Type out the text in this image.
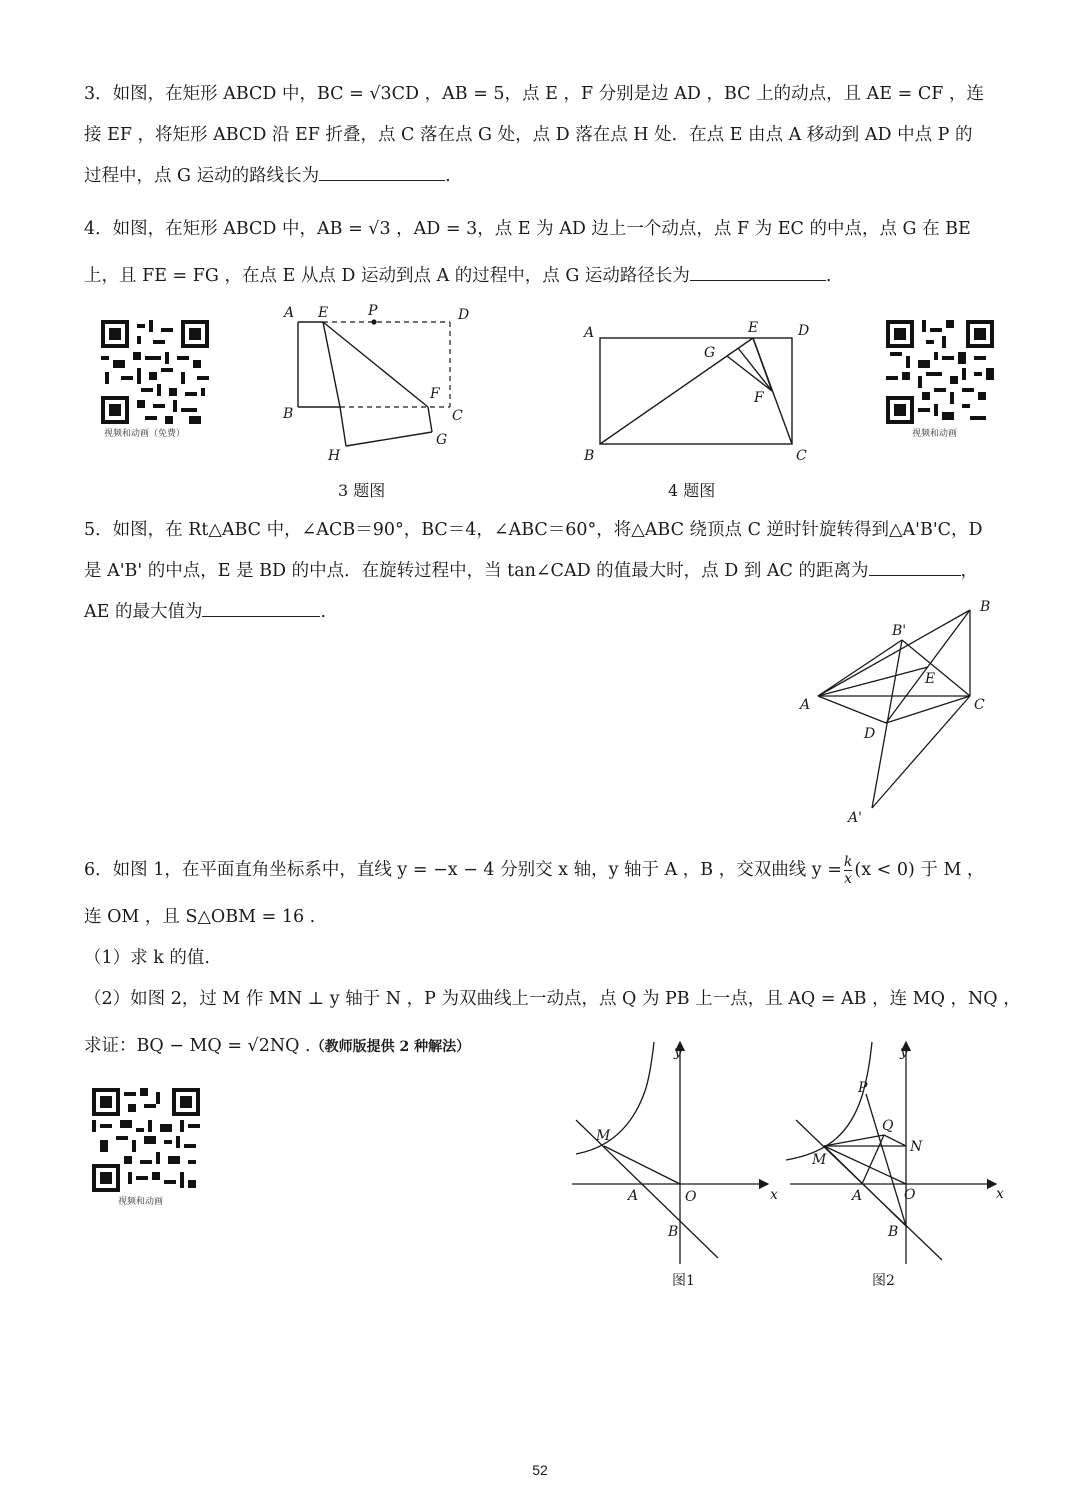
3．如图，在矩形 ABCD 中，BC = √3CD ，AB = 5，点 E ，F 分别是边 AD ，BC 上的动点，且 AE = CF ，连
接 EF ，将矩形 ABCD 沿 EF 折叠，点 C 落在点 G 处，点 D 落在点 H 处．在点 E 由点 A 移动到 AD 中点 P 的
过程中，点 G 运动的路线长为	.
4．如图，在矩形 ABCD 中，AB = √3 ，AD = 3，点 E 为 AD 边上一个动点，点 F 为 EC 的中点，点 G 在 BE
上，且 FE = FG ，在点 E 从点 D 运动到点 A 的过程中，点 G 运动路径长为	.
视频和动画（免费）
A E	P	D
B
F
C
G
H
3 题图
A	E	D
G
F
B	C
4 题图
视频和动画
5．如图，在 Rt△ABC 中，∠ACB＝90°，BC＝4，∠ABC＝60°，将△ABC 绕顶点 C 逆时针旋转得到△A'B'C，D
是 A'B' 的中点，E 是 BD 的中点．在旋转过程中，当 tan∠CAD 的值最大时，点 D 到 AC 的距离为	，
AE 的最大值为	.	B
B'
E
A	C
D
A'
6．如图 1，在平面直角坐标系中，直线 y = −x − 4 分别交 x 轴，y 轴于 A ，B ，交双曲线 $y = \frac{k}{x} (x < 0)$ 于 M ，
连 OM ，且 S△OBM = 16 .
（1）求 k 的值.
（2）如图 2，过 M 作 MN ⊥ y 轴于 N ，P 为双曲线上一动点，点 Q 为 PB 上一点，且 AQ = AB ，连 MQ ，NQ ，
求证：BQ − MQ = √2NQ .（教师版提供 2 种解法）
视频和动画
y
M
A	O	x
B
图1
y
P
Q
N
M
A	O	x
B
图2
52
